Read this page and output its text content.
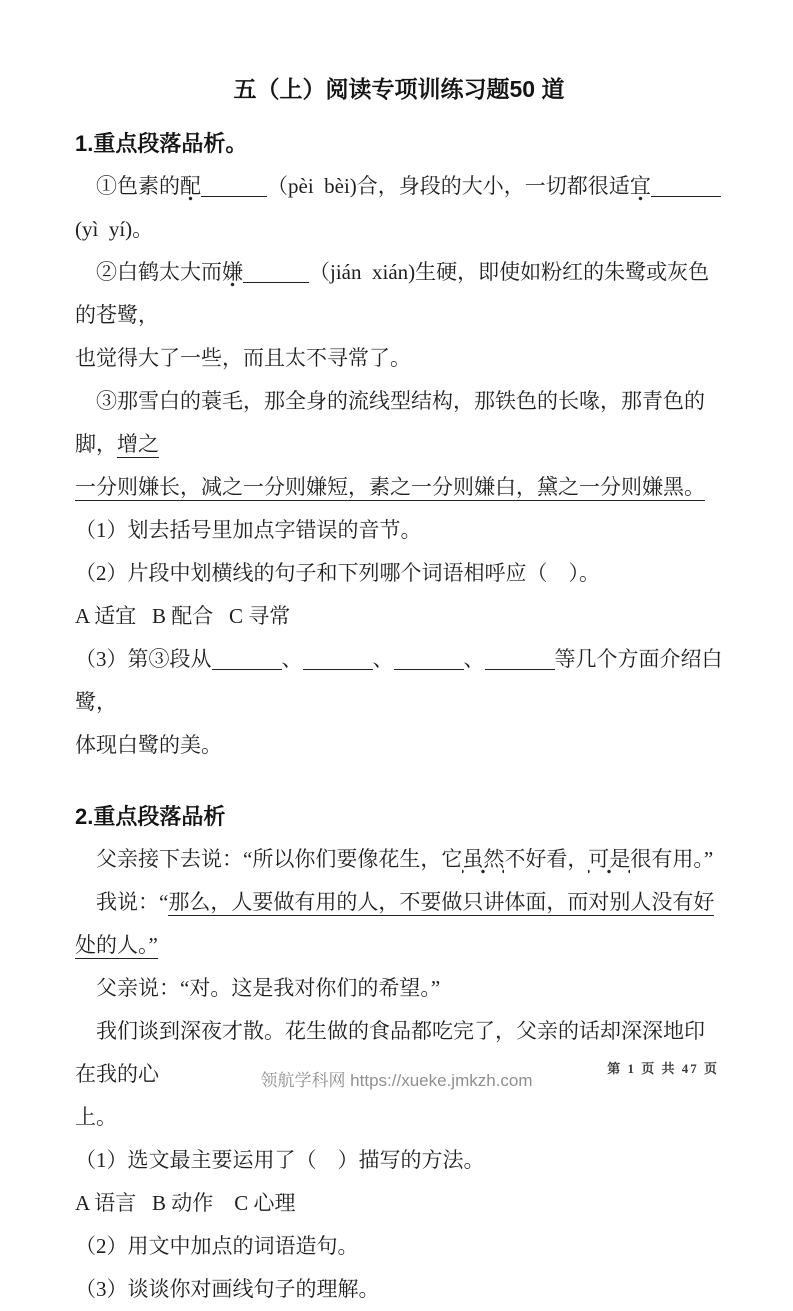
五（上）阅读专项训练习题50 道
1.重点段落品析。
①色素的配	（pèi  bèi)合，身段的大小，一切都很适宜(yì  yí)。
②白鹤太大而嫌	（jián  xián)生硬，即使如粉红的朱鹭或灰色的苍鹭，
也觉得大了一些，而且太不寻常了。
③那雪白的蓑毛，那全身的流线型结构，那铁色的长喙，那青色的脚，增之
一分则嫌长，减之一分则嫌短，素之一分则嫌白，黛之一分则嫌黑。
（1）划去括号里加点字错误的音节。
（2）片段中划横线的句子和下列哪个词语相呼应（　）。
A 适宜   B 配合   C 寻常
（3）第③段从	、	、	、	等几个方面介绍白鹭，
体现白鹭的美。
2.重点段落品析
父亲接下去说：“所以你们要像花生，它虽然不好看，可是很有用。”
我说：“那么，人要做有用的人，不要做只讲体面，而对别人没有好处的人。”
父亲说：“对。这是我对你们的希望。”
我们谈到深夜才散。花生做的食品都吃完了，父亲的话却深深地印在我的心
上。
（1）选文最主要运用了（　）描写的方法。
A 语言   B 动作    C 心理
（2）用文中加点的词语造句。
（3）谈谈你对画线句子的理解。
领航学科网 https://xueke.jmkzh.com
第 1 页 共 47 页
